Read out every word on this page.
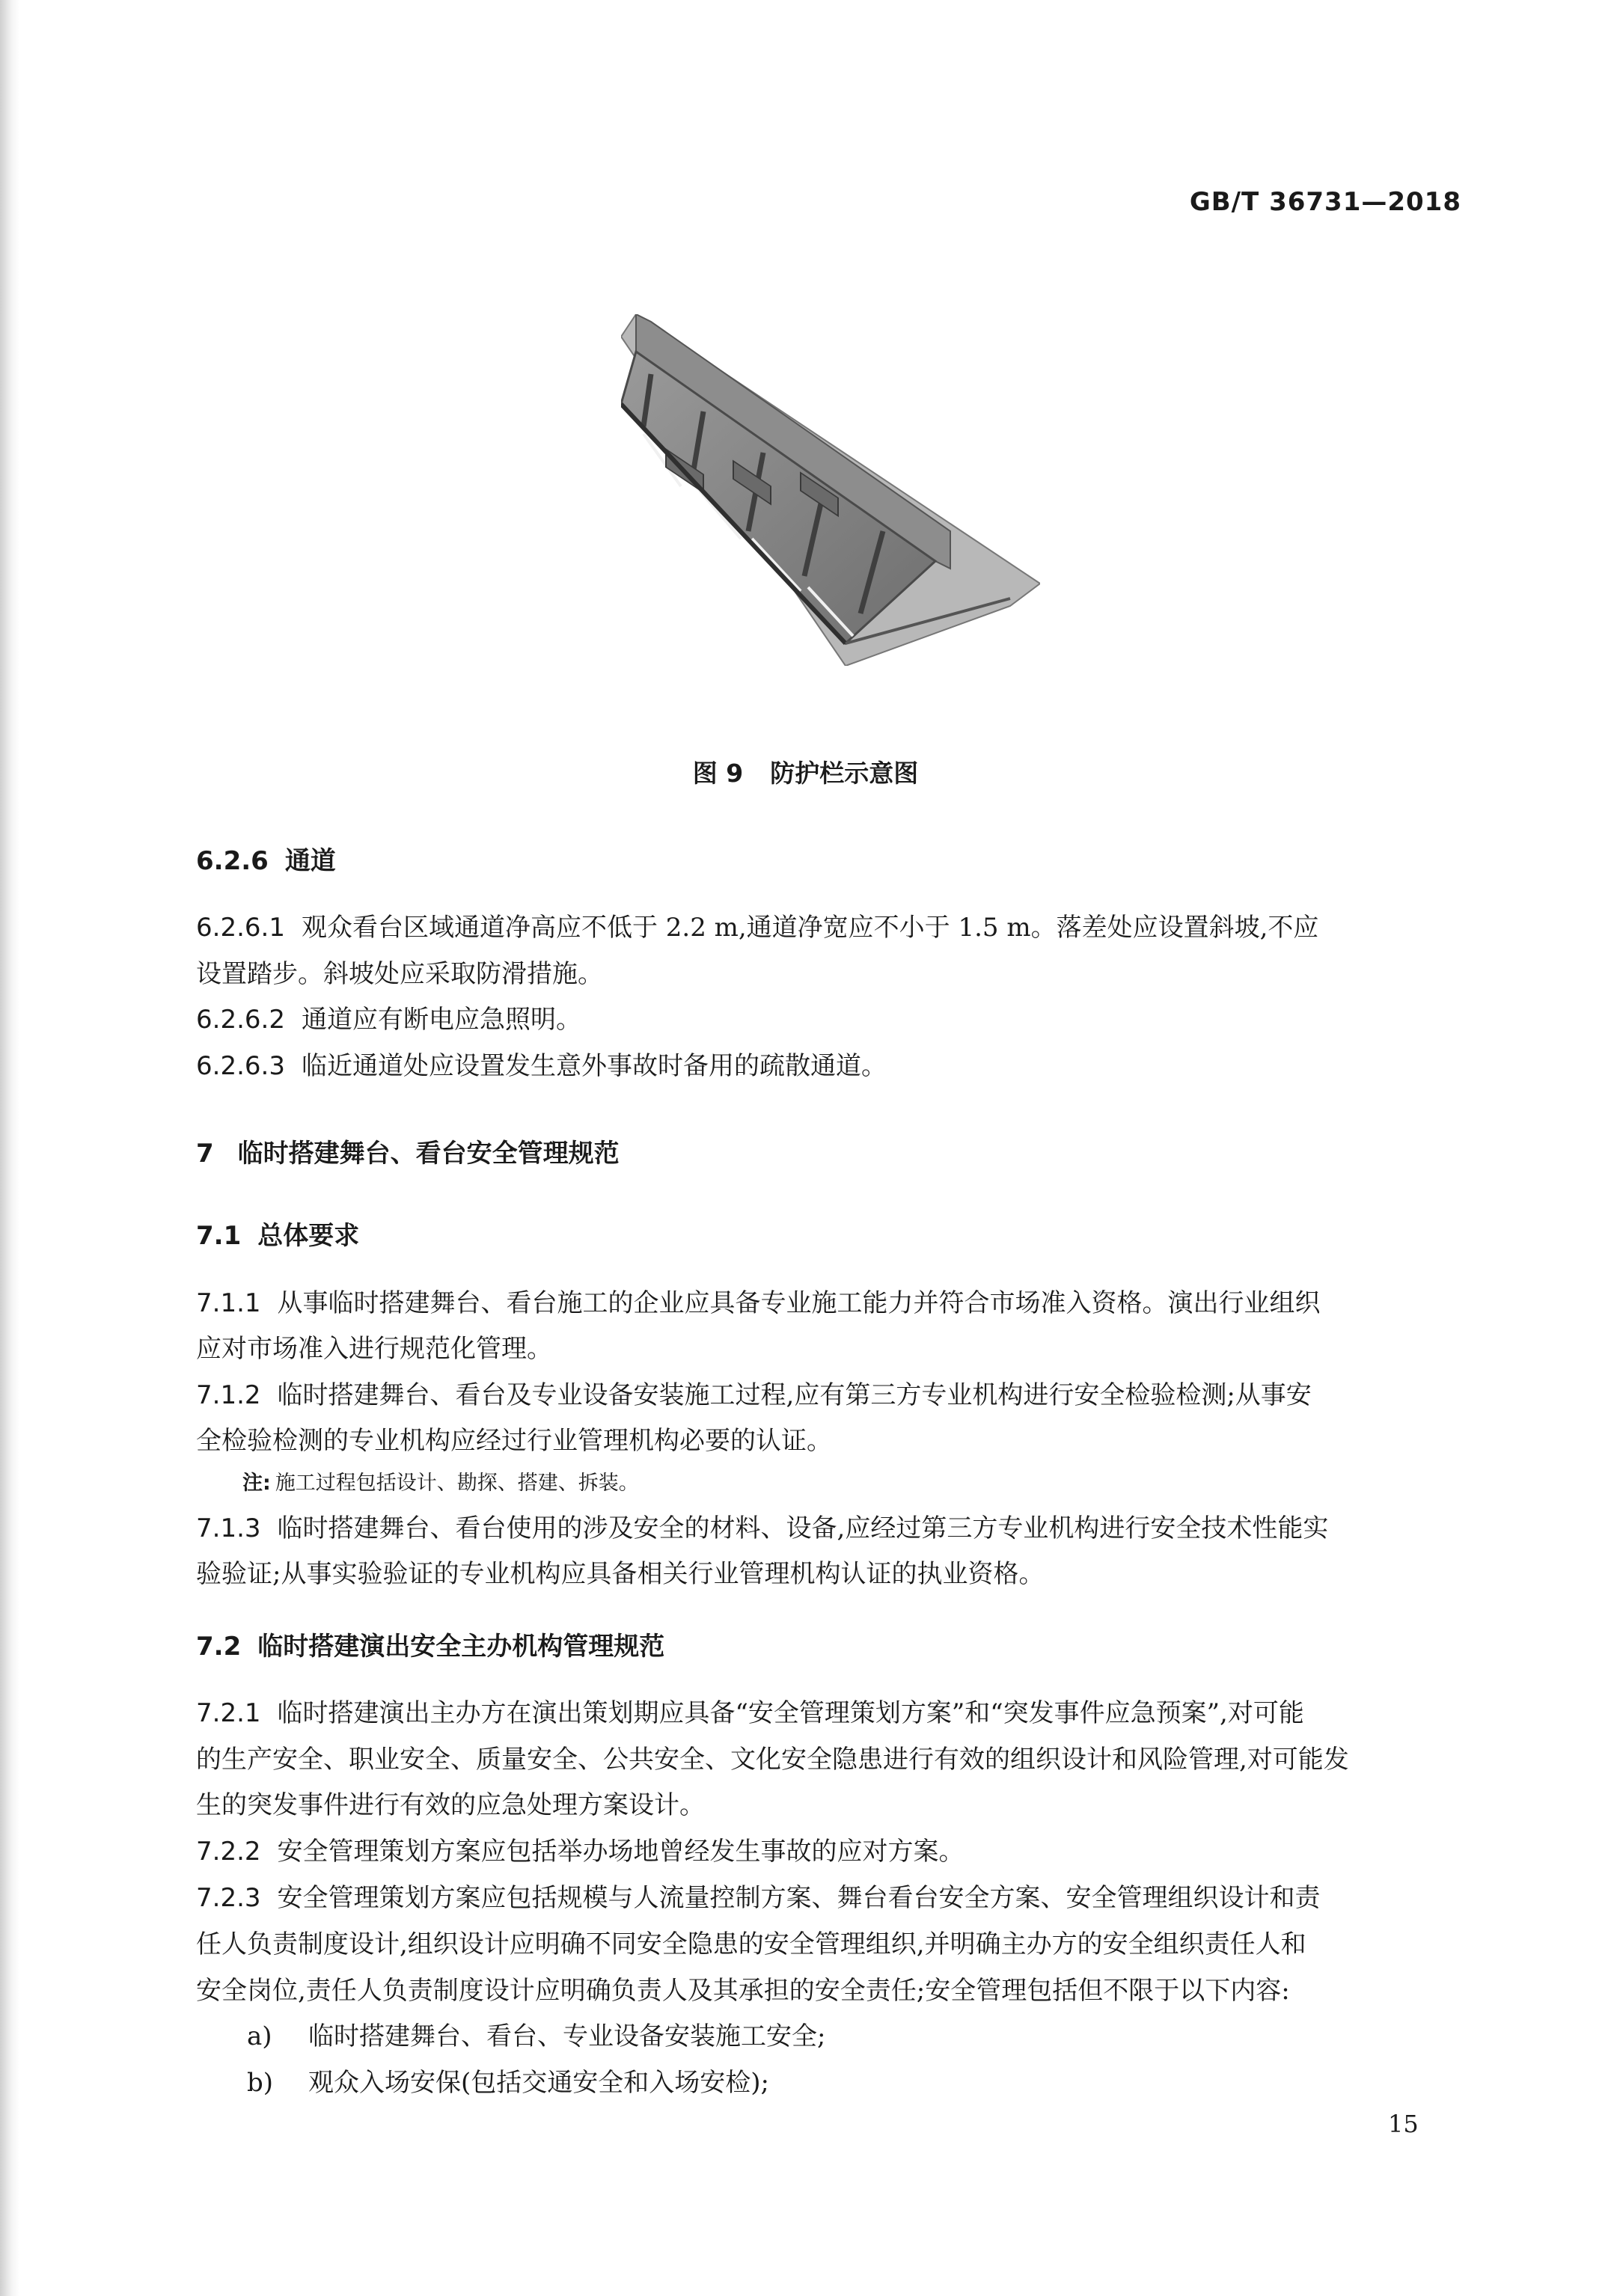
GB/T 36731—2018
图 9 防护栏示意图
6.2.6 通道
6.2.6.1 观众看台区域通道净高应不低于 2.2 m,通道净宽应不小于 1.5 m。落差处应设置斜坡,不应
设置踏步。斜坡处应采取防滑措施。
6.2.6.2 通道应有断电应急照明。
6.2.6.3 临近通道处应设置发生意外事故时备用的疏散通道。
7 临时搭建舞台、看台安全管理规范
7.1 总体要求
7.1.1 从事临时搭建舞台、看台施工的企业应具备专业施工能力并符合市场准入资格。演出行业组织
应对市场准入进行规范化管理。
7.1.2 临时搭建舞台、看台及专业设备安装施工过程,应有第三方专业机构进行安全检验检测;从事安
全检验检测的专业机构应经过行业管理机构必要的认证。
注: 施工过程包括设计、勘探、搭建、拆装。
7.1.3 临时搭建舞台、看台使用的涉及安全的材料、设备,应经过第三方专业机构进行安全技术性能实
验验证;从事实验验证的专业机构应具备相关行业管理机构认证的执业资格。
7.2 临时搭建演出安全主办机构管理规范
7.2.1 临时搭建演出主办方在演出策划期应具备“安全管理策划方案”和“突发事件应急预案”,对可能
的生产安全、职业安全、质量安全、公共安全、文化安全隐患进行有效的组织设计和风险管理,对可能发
生的突发事件进行有效的应急处理方案设计。
7.2.2 安全管理策划方案应包括举办场地曾经发生事故的应对方案。
7.2.3 安全管理策划方案应包括规模与人流量控制方案、舞台看台安全方案、安全管理组织设计和责
任人负责制度设计,组织设计应明确不同安全隐患的安全管理组织,并明确主办方的安全组织责任人和
安全岗位,责任人负责制度设计应明确负责人及其承担的安全责任;安全管理包括但不限于以下内容:
a) 临时搭建舞台、看台、专业设备安装施工安全;
b) 观众入场安保(包括交通安全和入场安检);
15
